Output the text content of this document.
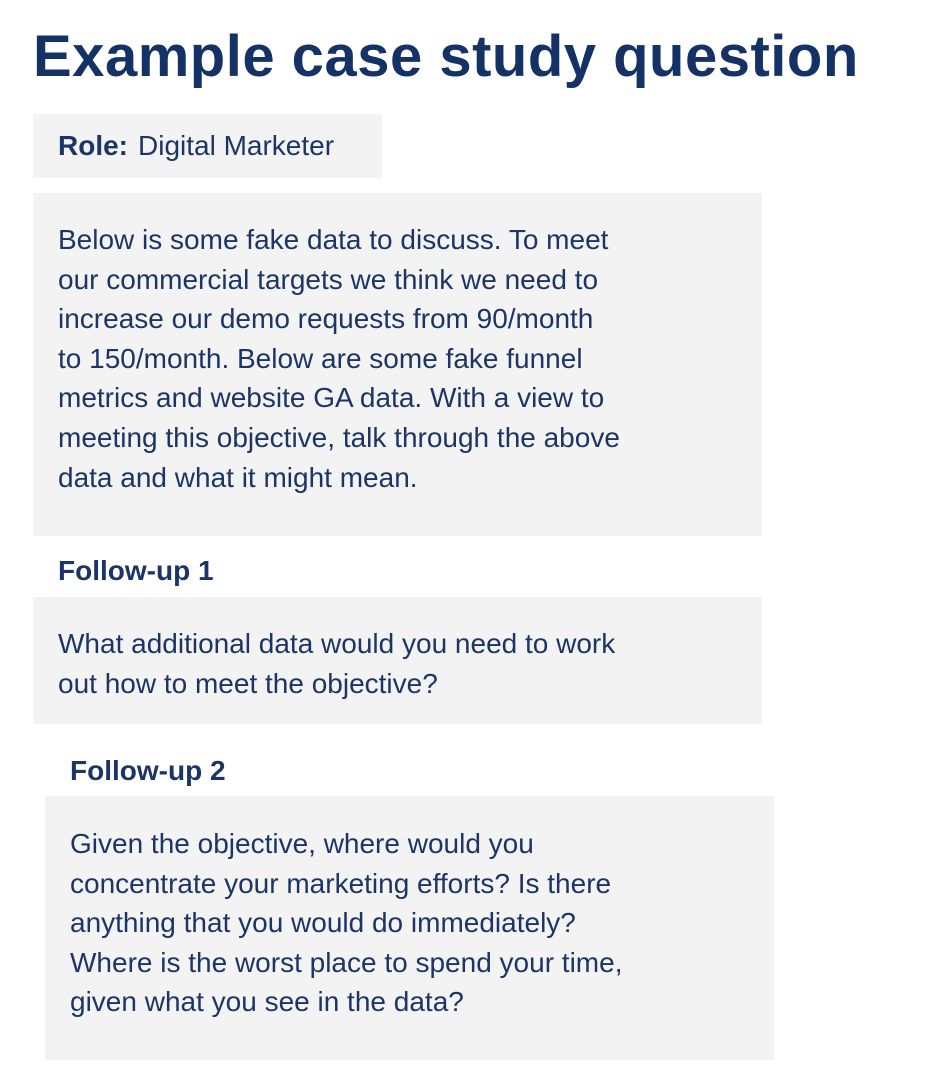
Example case study question
Role: Digital Marketer
Below is some fake data to discuss. To meet
our commercial targets we think we need to
increase our demo requests from 90/month
to 150/month. Below are some fake funnel
metrics and website GA data. With a view to
meeting this objective, talk through the above
data and what it might mean.
Follow-up 1
What additional data would you need to work
out how to meet the objective?
Follow-up 2
Given the objective, where would you
concentrate your marketing efforts? Is there
anything that you would do immediately?
Where is the worst place to spend your time,
given what you see in the data?
